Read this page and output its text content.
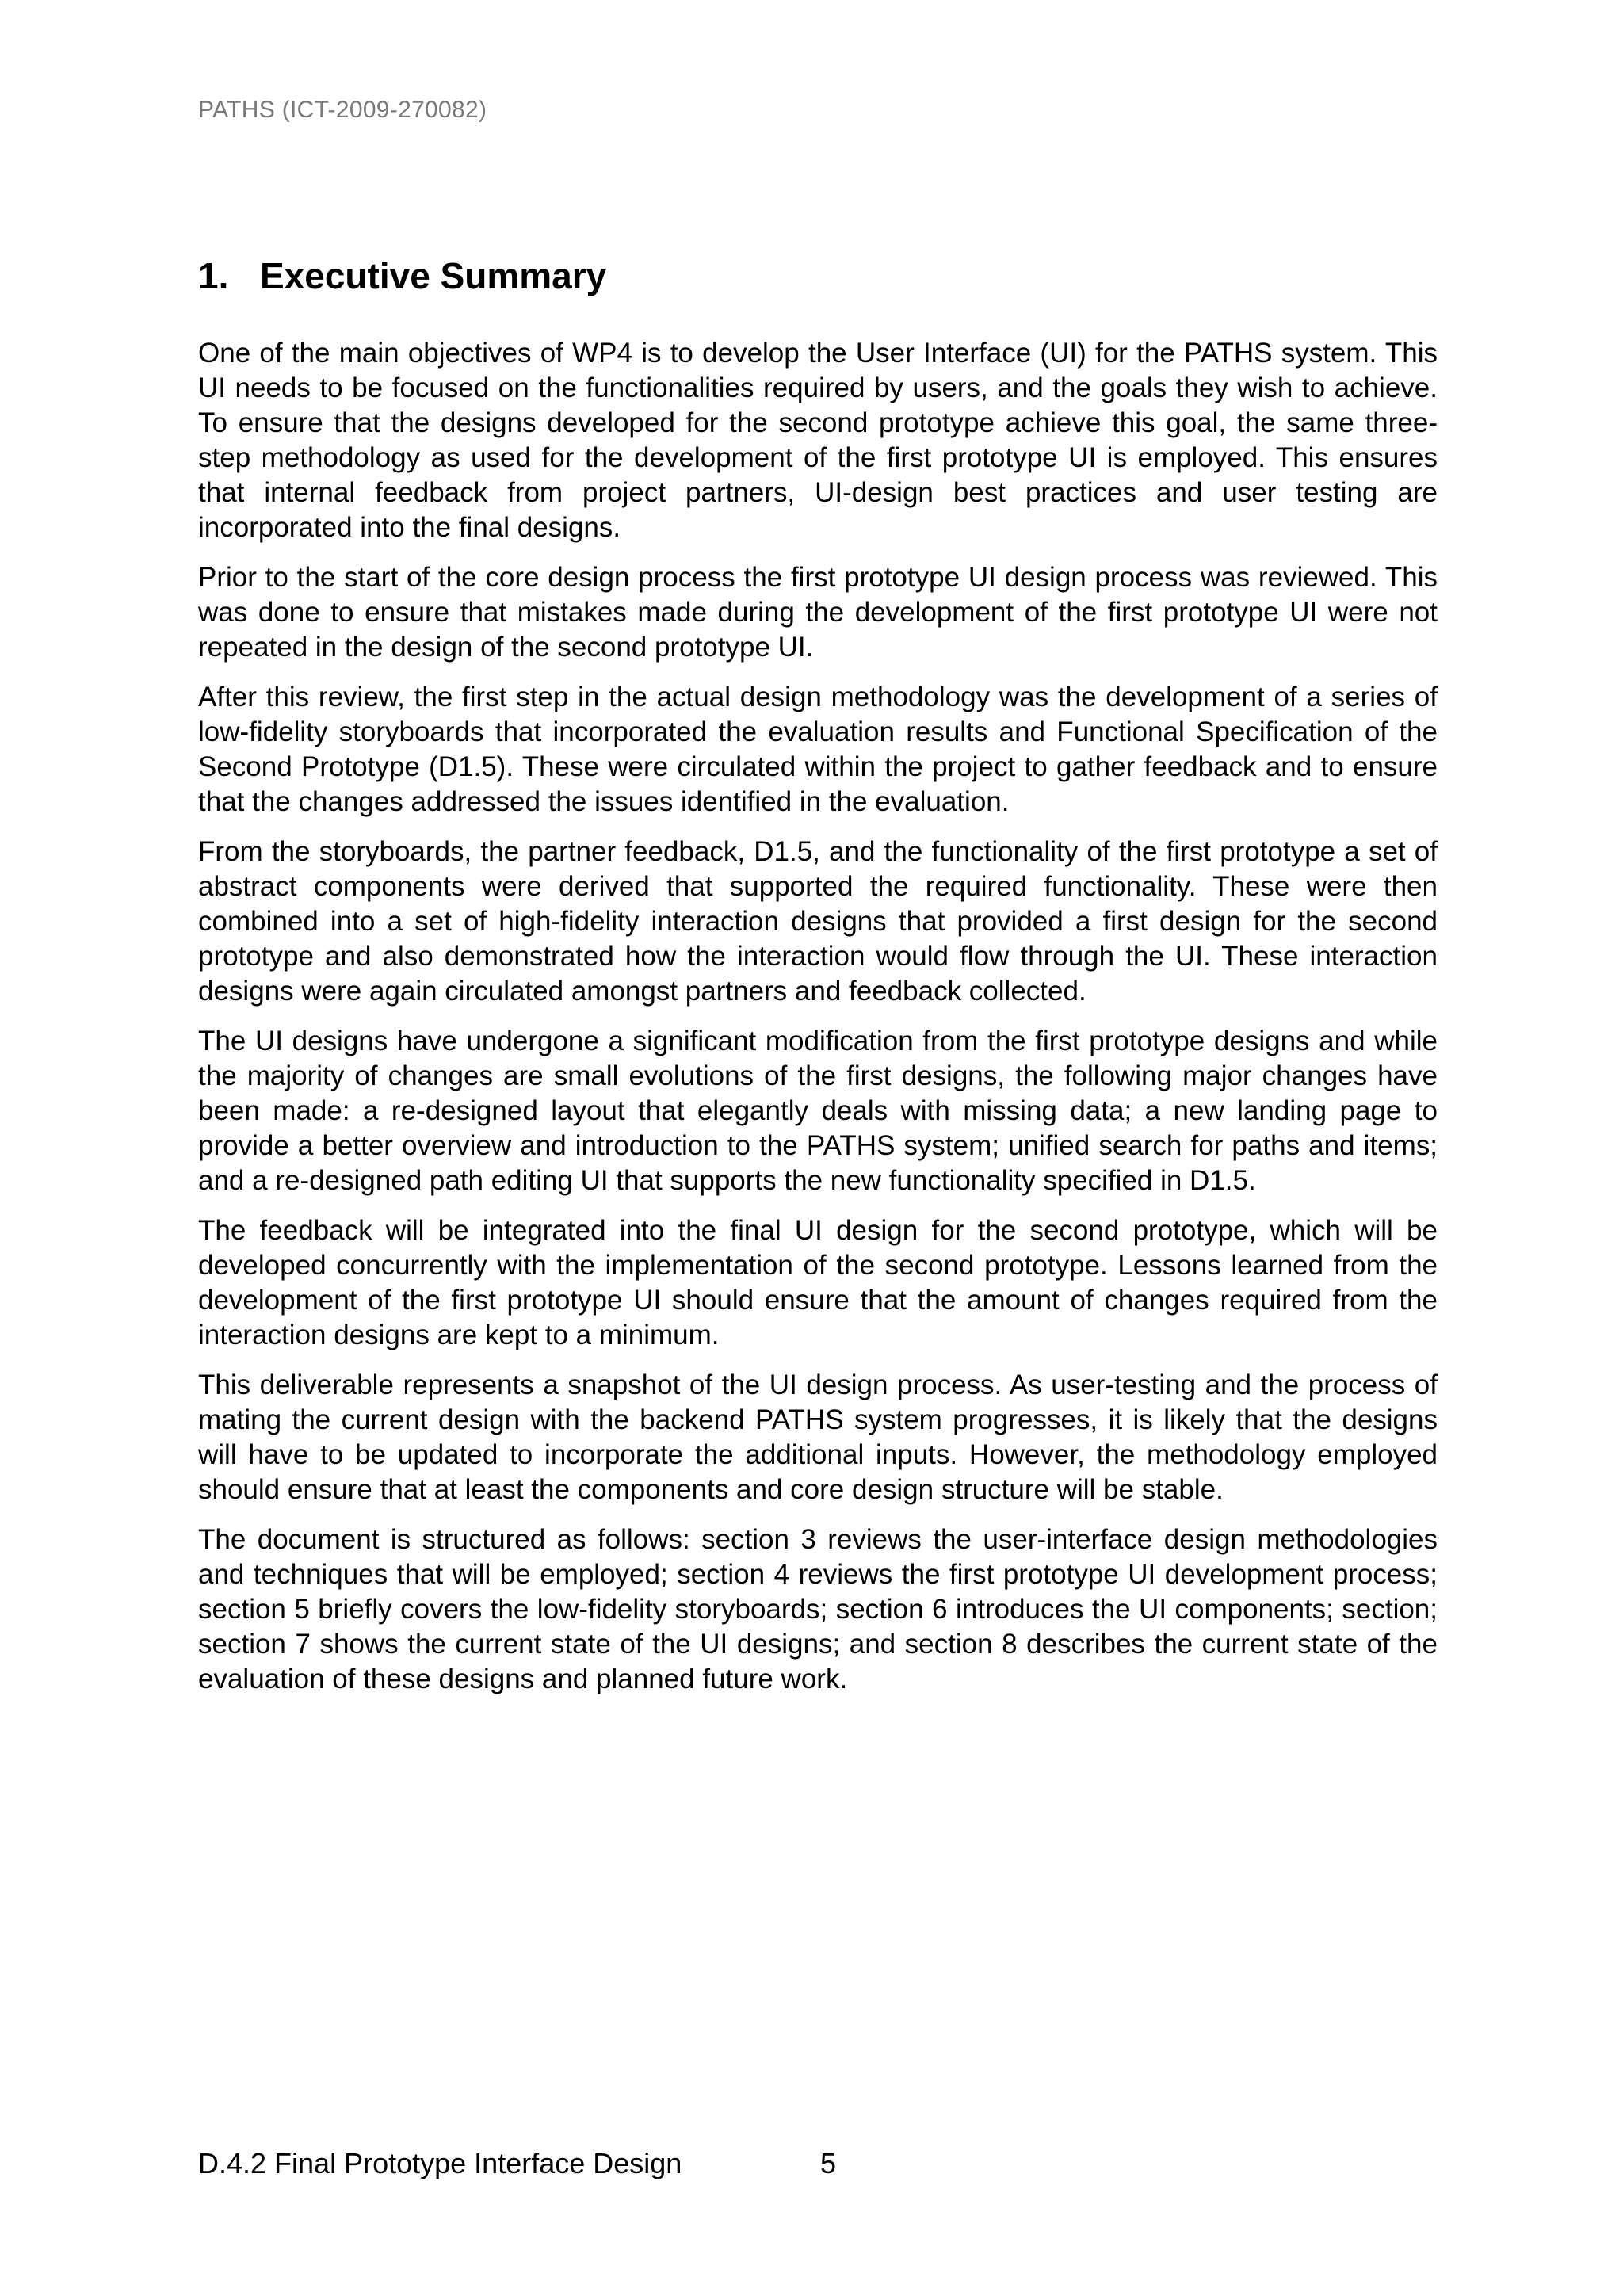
PATHS (ICT-2009-270082)
1. Executive Summary

One of the main objectives of WP4 is to develop the User Interface (UI) for the PATHS system. This UI needs to be focused on the functionalities required by users, and the goals they wish to achieve. To ensure that the designs developed for the second prototype achieve this goal, the same three-step methodology as used for the development of the first prototype UI is employed. This ensures that internal feedback from project partners, UI-design best practices and user testing are incorporated into the final designs.

Prior to the start of the core design process the first prototype UI design process was reviewed. This was done to ensure that mistakes made during the development of the first prototype UI were not repeated in the design of the second prototype UI.

After this review, the first step in the actual design methodology was the development of a series of low-fidelity storyboards that incorporated the evaluation results and Functional Specification of the Second Prototype (D1.5). These were circulated within the project to gather feedback and to ensure that the changes addressed the issues identified in the evaluation.

From the storyboards, the partner feedback, D1.5, and the functionality of the first prototype a set of abstract components were derived that supported the required functionality. These were then combined into a set of high-fidelity interaction designs that provided a first design for the second prototype and also demonstrated how the interaction would flow through the UI. These interaction designs were again circulated amongst partners and feedback collected.

The UI designs have undergone a significant modification from the first prototype designs and while the majority of changes are small evolutions of the first designs, the following major changes have been made: a re-designed layout that elegantly deals with missing data; a new landing page to provide a better overview and introduction to the PATHS system; unified search for paths and items; and a re-designed path editing UI that supports the new functionality specified in D1.5.

The feedback will be integrated into the final UI design for the second prototype, which will be developed concurrently with the implementation of the second prototype. Lessons learned from the development of the first prototype UI should ensure that the amount of changes required from the interaction designs are kept to a minimum.

This deliverable represents a snapshot of the UI design process. As user-testing and the process of mating the current design with the backend PATHS system progresses, it is likely that the designs will have to be updated to incorporate the additional inputs. However, the methodology employed should ensure that at least the components and core design structure will be stable.

The document is structured as follows: section 3 reviews the user-interface design methodologies and techniques that will be employed; section 4 reviews the first prototype UI development process; section 5 briefly covers the low-fidelity storyboards; section 6 introduces the UI components; section; section 7 shows the current state of the UI designs; and section 8 describes the current state of the evaluation of these designs and planned future work.

D.4.2 Final Prototype Interface Design	5
